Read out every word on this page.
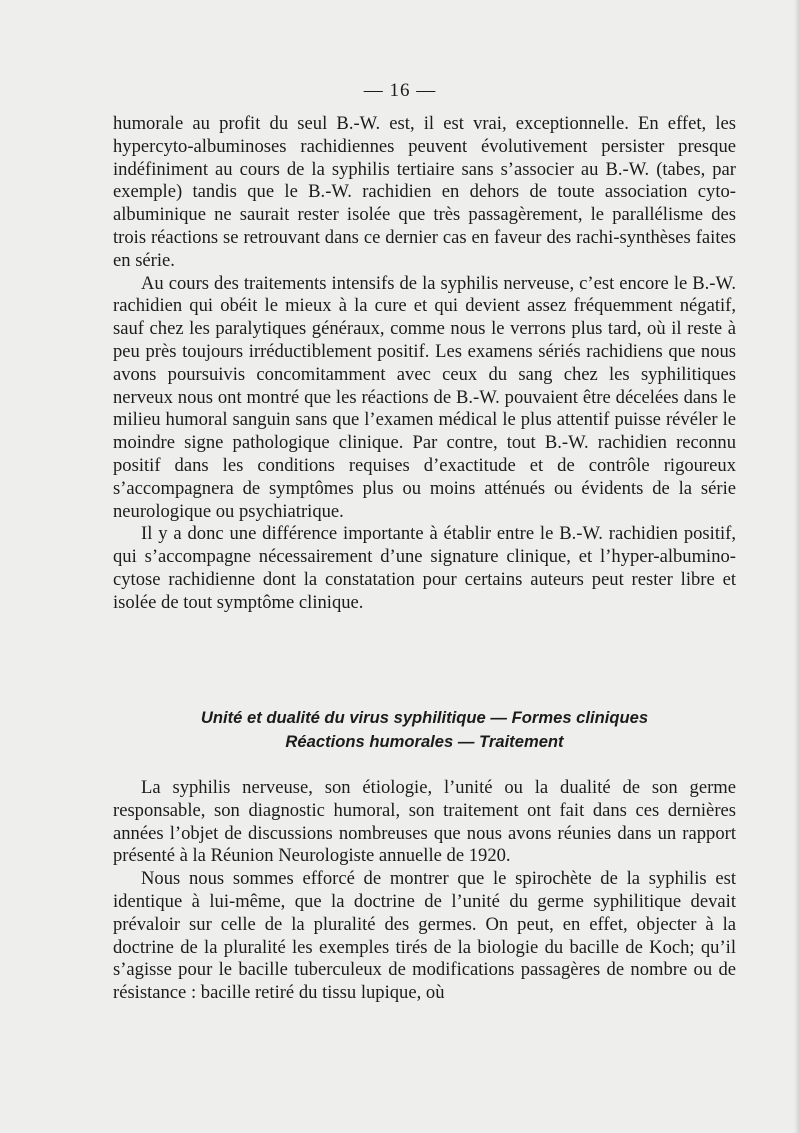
— 16 —

humorale au profit du seul B.-W. est, il est vrai, exceptionnelle. En effet, les hypercyto-albuminoses rachidiennes peuvent évolutivement persister presque indéfiniment au cours de la syphilis tertiaire sans s’associer au B.-W. (tabes, par exemple) tandis que le B.-W. rachidien en dehors de toute association cyto-albuminique ne saurait rester isolée que très passagèrement, le parallélisme des trois réactions se retrouvant dans ce dernier cas en faveur des rachi-synthèses faites en série.

Au cours des traitements intensifs de la syphilis nerveuse, c’est encore le B.-W. rachidien qui obéit le mieux à la cure et qui devient assez fréquemment négatif, sauf chez les paralytiques généraux, comme nous le verrons plus tard, où il reste à peu près toujours irréductiblement positif. Les examens sériés rachidiens que nous avons poursuivis concomitamment avec ceux du sang chez les syphilitiques nerveux nous ont montré que les réactions de B.-W. pouvaient être décelées dans le milieu humoral sanguin sans que l’examen médical le plus attentif puisse révéler le moindre signe pathologique clinique. Par contre, tout B.-W. rachidien reconnu positif dans les conditions requises d’exactitude et de contrôle rigoureux s’accompagnera de symptômes plus ou moins atténués ou évidents de la série neurologique ou psychiatrique.

Il y a donc une différence importante à établir entre le B.-W. rachidien positif, qui s’accompagne nécessairement d’une signature clinique, et l’hyper-albumino-cytose rachidienne dont la constatation pour certains auteurs peut rester libre et isolée de tout symptôme clinique.

Unité et dualité du virus syphilitique — Formes cliniques
Réactions humorales — Traitement

La syphilis nerveuse, son étiologie, l’unité ou la dualité de son germe responsable, son diagnostic humoral, son traitement ont fait dans ces dernières années l’objet de discussions nombreuses que nous avons réunies dans un rapport présenté à la Réunion Neurologiste annuelle de 1920.

Nous nous sommes efforcé de montrer que le spirochète de la syphilis est identique à lui-même, que la doctrine de l’unité du germe syphilitique devait prévaloir sur celle de la pluralité des germes. On peut, en effet, objecter à la doctrine de la pluralité les exemples tirés de la biologie du bacille de Koch; qu’il s’agisse pour le bacille tuberculeux de modifications passagères de nombre ou de résistance : bacille retiré du tissu lupique, où
